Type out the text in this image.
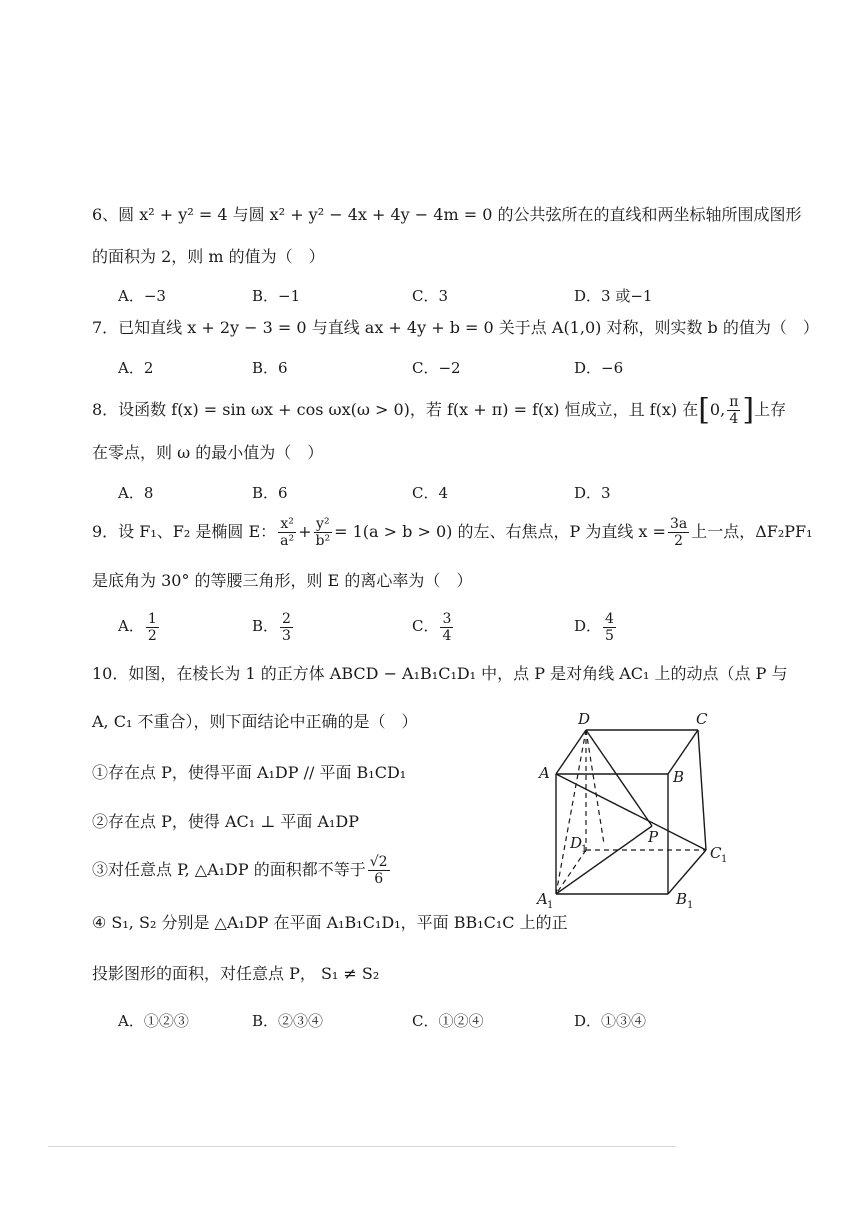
6、圆 x² + y² = 4 与圆 x² + y² − 4x + 4y − 4m = 0 的公共弦所在的直线和两坐标轴所围成图形
的面积为 2，则 m 的值为（　）
A．−3	B．−1	C．3	D．3 或−1
7．已知直线 x + 2y − 3 = 0 与直线 ax + 4y + b = 0 关于点 A(1,0) 对称，则实数 b 的值为（　）
A．2	B．6	C．−2	D．−6
8．设函数 f(x) = sin ωx + cos ωx(ω > 0)，若 f(x + π) = f(x) 恒成立，且 f(x) 在[0, $\frac{\pi}{4}$ ]上存
在零点，则 ω 的最小值为（　）
A．8	B．6	C．4	D．3
9．设 F₁、F₂ 是椭圆 E： $\frac{\text{x²}}{\text{a²}} + \frac{\text{y²}}{\text{b²}} = 1(a > b > 0)$ 的左、右焦点，P 为直线 $x = \frac{3a}{2}$ 上一点，ΔF₂PF₁
是底角为 30° 的等腰三角形，则 E 的离心率为（　）
A． $\frac{1}{2}$	B． $\frac{2}{3}$	C． $\frac{3}{4}$	D． $\frac{4}{5}$
10．如图，在棱长为 1 的正方体 ABCD − A₁B₁C₁D₁ 中，点 P 是对角线 AC₁ 上的动点（点 P 与
A, C₁ 不重合），则下面结论中正确的是（　）
①存在点 P，使得平面 A₁DP // 平面 B₁CD₁
②存在点 P，使得 AC₁ ⊥ 平面 A₁DP
③对任意点 P, △A₁DP 的面积都不等于 $\frac{√2}{6}$
④ S₁, S₂ 分别是 △A₁DP 在平面 A₁B₁C₁D₁，平面 BB₁C₁C 上的正
投影图形的面积，对任意点 P， S₁ ≠ S₂
A．①②③	B．②③④	C．①②④	D．①③④
D	C
A	B
P
D
1	C 1
A 1	B 1
